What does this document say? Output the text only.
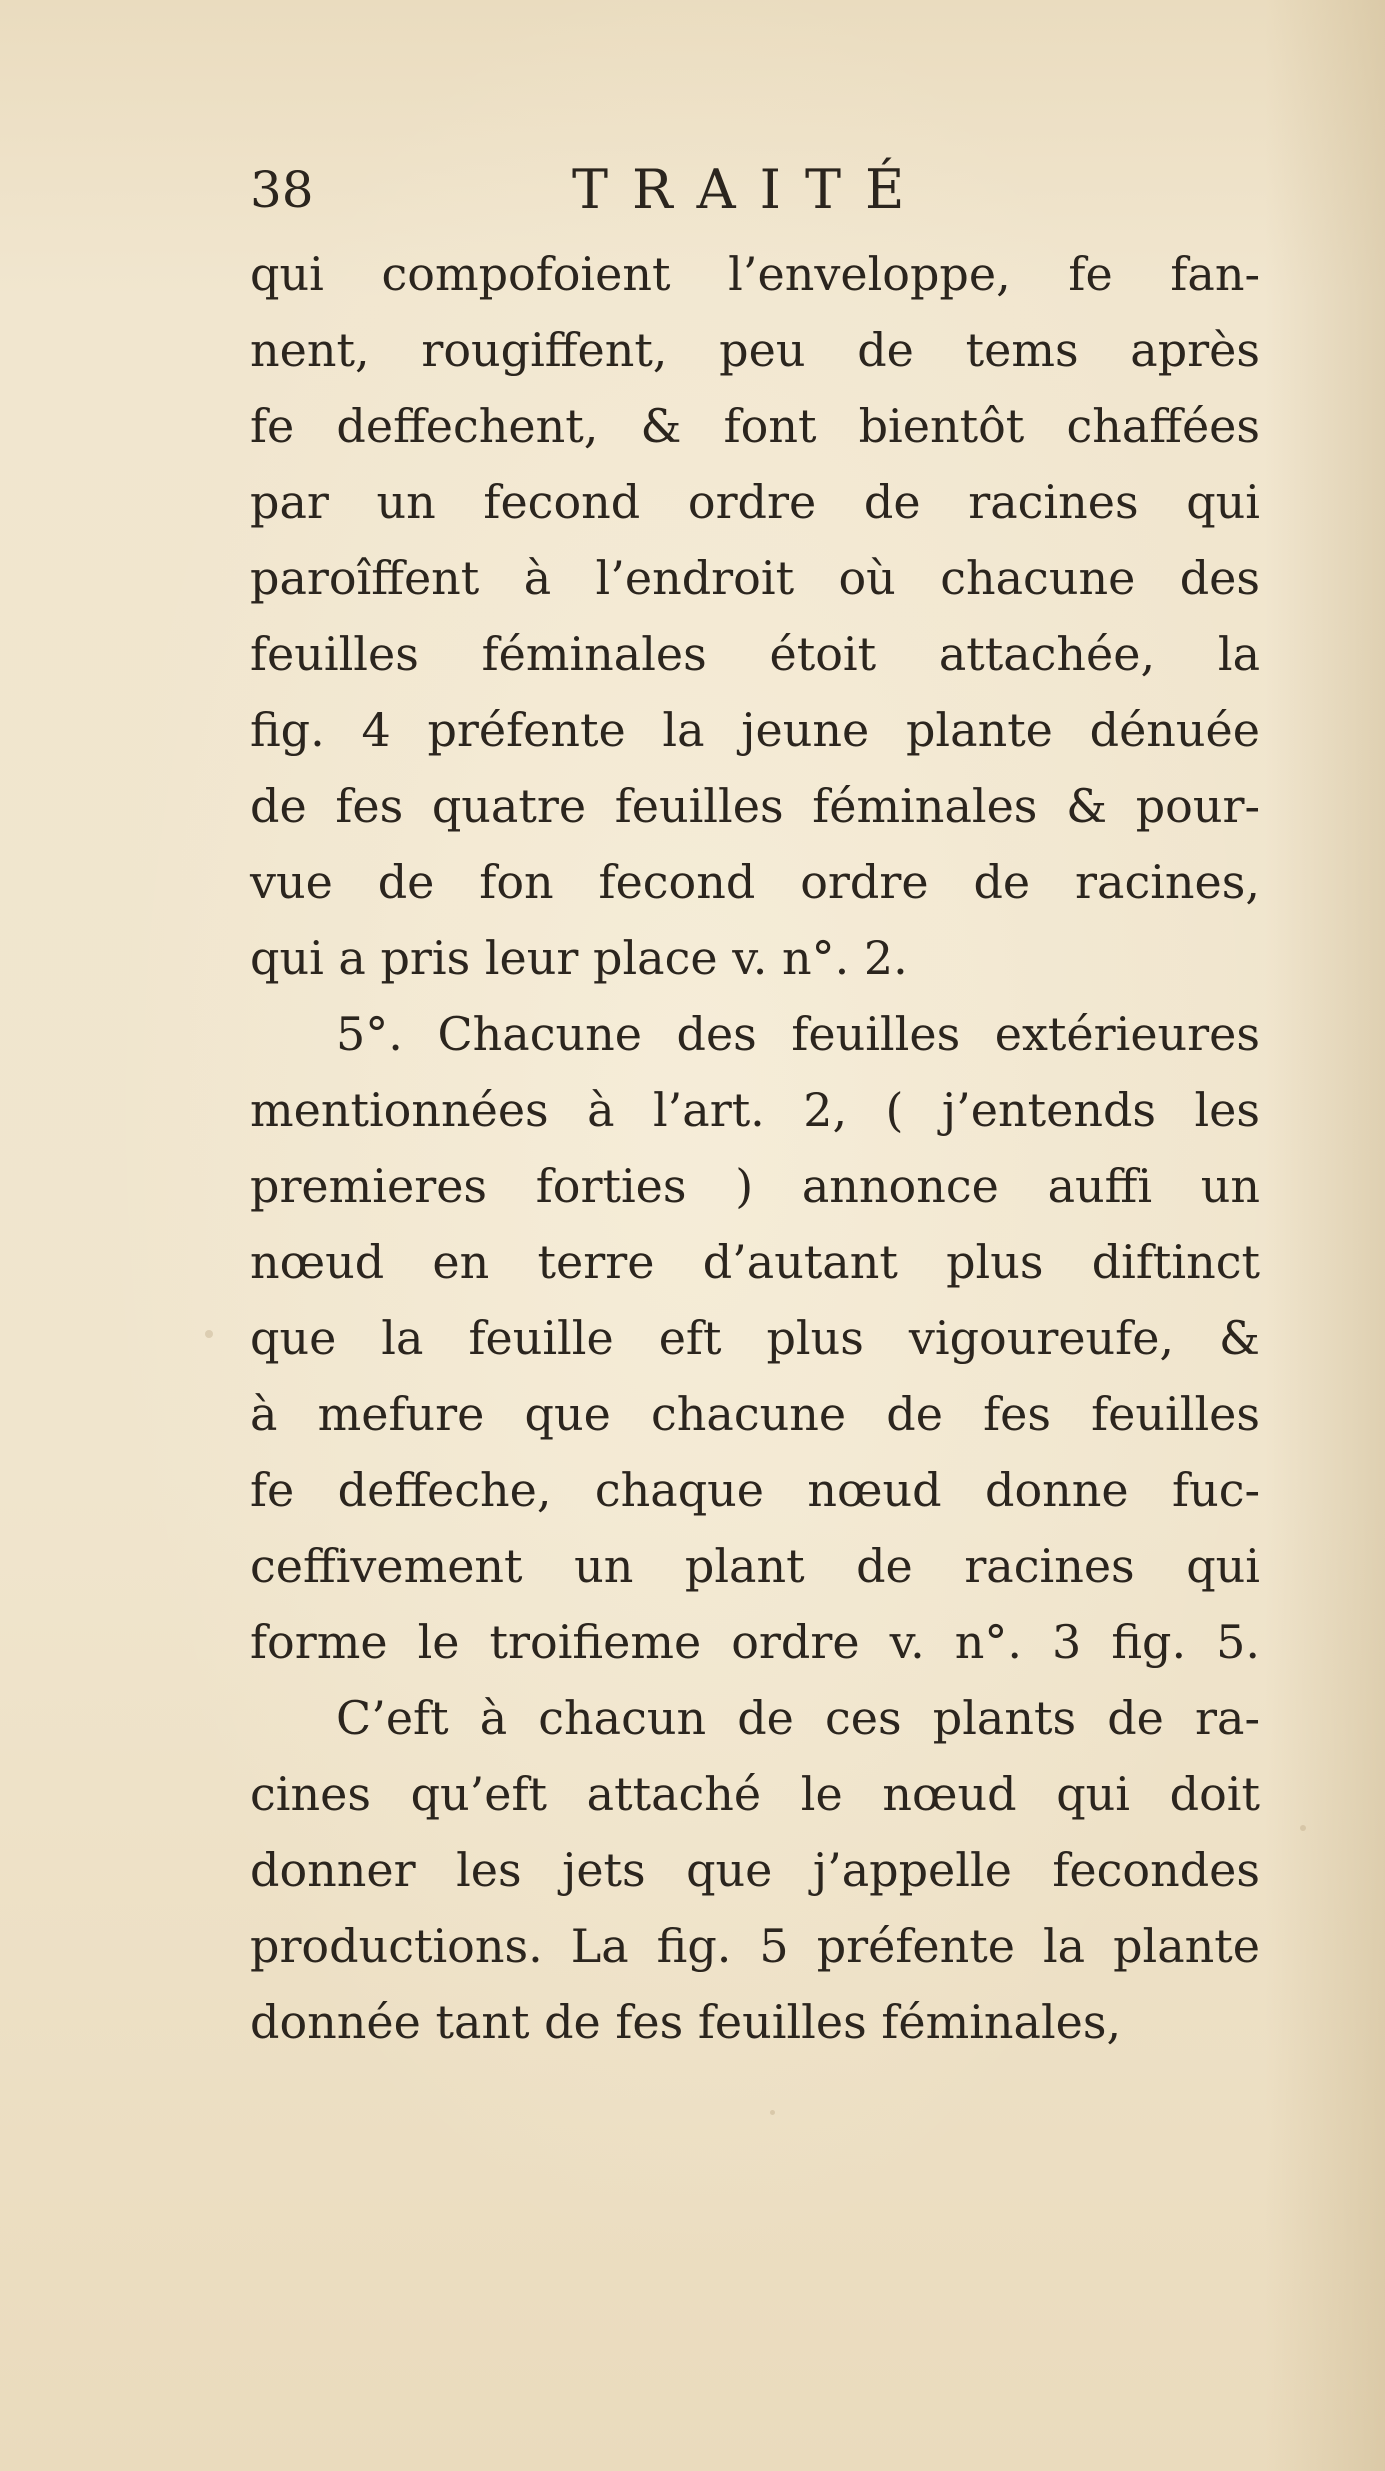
38	TRAITÉ
qui compofoient l’enveloppe, fe fan-
nent, rougiffent, peu de tems après
fe deffechent, & font bientôt chaffées
par un fecond ordre de racines qui
paroîffent à l’endroit où chacune des
feuilles féminales étoit attachée, la
fig. 4 préfente la jeune plante dénuée
de fes quatre feuilles féminales & pour-
vue de fon fecond ordre de racines,
qui a pris leur place v. n°. 2.
5°. Chacune des feuilles extérieures
mentionnées à l’art. 2, ( j’entends les
premieres forties ) annonce auffi un
nœud en terre d’autant plus diftinct
que la feuille eft plus vigoureufe, &
à mefure que chacune de fes feuilles
fe deffeche, chaque nœud donne fuc-
ceffivement un plant de racines qui
forme le troifieme ordre v. n°. 3 fig. 5.
C’eft à chacun de ces plants de ra-
cines qu’eft attaché le nœud qui doit
donner les jets que j’appelle fecondes
productions. La fig. 5 préfente la plante
donnée tant de fes feuilles féminales,
